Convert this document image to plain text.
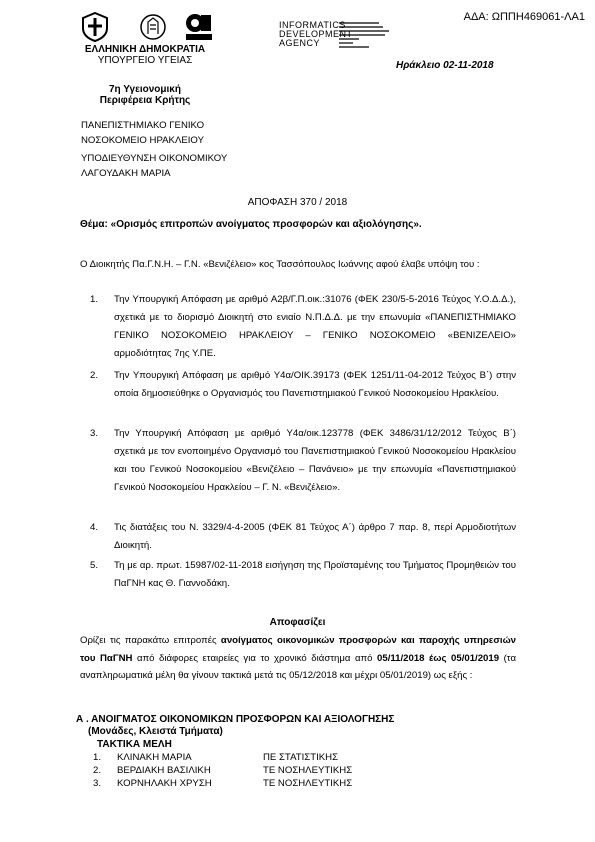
ΑΔΑ: ΩΠΠΗ469061-ΛΑ1
ΕΛΛΗΝΙΚΗ ΔΗΜΟΚΡΑΤΙΑ
ΥΠΟΥΡΓΕΙΟ ΥΓΕΙΑΣ
7η Υγειονομική
Περιφέρεια Κρήτης
ΠΑΝΕΠΙΣΤΗΜΙΑΚΟ ΓΕΝΙΚΟ
ΝΟΣΟΚΟΜΕΙΟ ΗΡΑΚΛΕΙΟΥ
ΥΠΟΔΙΕΥΘΥΝΣΗ ΟΙΚΟΝΟΜΙΚΟΥ
ΛΑΓΟΥΔΑΚΗ ΜΑΡΙΑ
INFORMATICS
DEVELOPMENT
AGENCY
Ηράκλειο 02-11-2018
ΑΠΟΦΑΣΗ 370 / 2018
Θέμα: «Ορισμός επιτροπών ανοίγματος προσφορών και αξιολόγησης».
Ο Διοικητής Πα.Γ.Ν.Η. – Γ.Ν. «Βενιζέλειο» κος Τασσόπουλος Ιωάννης αφού έλαβε υπόψη του :
1. Την Υπουργική Απόφαση με αριθμό Α2β/Γ.Π.οικ.:31076 (ΦΕΚ 230/5-5-2016 Τεύχος Υ.Ο.Δ.Δ.), σχετικά με το διορισμό Διοικητή στο ενιαίο Ν.Π.Δ.Δ. με την επωνυμία «ΠΑΝΕΠΙΣΤΗΜΙΑΚΟ ΓΕΝΙΚΟ ΝΟΣΟΚΟΜΕΙΟ ΗΡΑΚΛΕΙΟΥ – ΓΕΝΙΚΟ ΝΟΣΟΚΟΜΕΙΟ «ΒΕΝΙΖΕΛΕΙΟ» αρμοδιότητας 7ης Υ.ΠΕ.
2. Την Υπουργική Απόφαση με αριθμό Υ4α/ΟΙΚ.39173 (ΦΕΚ 1251/11-04-2012 Τεύχος Β΄) στην οποία δημοσιεύθηκε ο Οργανισμός του Πανεπιστημιακού Γενικού Νοσοκομείου Ηρακλείου.
3. Την Υπουργική Απόφαση με αριθμό Υ4α/οικ.123778 (ΦΕΚ 3486/31/12/2012 Τεύχος Β΄) σχετικά με τον ενοποιημένο Οργανισμό του Πανεπιστημιακού Γενικού Νοσοκομείου Ηρακλείου και του Γενικού Νοσοκομείου «Βενιζέλειο – Πανάνειο» με την επωνυμία «Πανεπιστημιακού Γενικού Νοσοκομείου Ηρακλείου – Γ. Ν. «Βενιζέλειο».
4. Τις διατάξεις του Ν. 3329/4-4-2005 (ΦΕΚ 81 Τεύχος Α΄) άρθρο 7 παρ. 8, περί Αρμοδιοτήτων Διοικητή.
5. Τη με αρ. πρωτ. 15987/02-11-2018 εισήγηση της Προϊσταμένης του Τμήματος Προμηθειών του ΠαΓΝΗ κας Θ. Γιαννοδάκη.
Αποφασίζει
Ορίζει τις παρακάτω επιτροπές ανοίγματος οικονομικών προσφορών και παροχής υπηρεσιών του ΠαΓΝΗ από διάφορες εταιρείες για το χρονικό διάστημα από 05/11/2018 έως 05/01/2019 (τα αναπληρωματικά μέλη θα γίνουν τακτικά μετά τις 05/12/2018 και μέχρι 05/01/2019) ως εξής :
Α . ΑΝΟΙΓΜΑΤΟΣ ΟΙΚΟΝΟΜΙΚΩΝ ΠΡΟΣΦΟΡΩΝ ΚΑΙ ΑΞΙΟΛΟΓΗΣΗΣ
(Μονάδες, Κλειστά Τμήματα)
ΤΑΚΤΙΚΑ ΜΕΛΗ
1. ΚΛΙΝΑΚΗ ΜΑΡΙΑ	ΠΕ ΣΤΑΤΙΣΤΙΚΗΣ
2. ΒΕΡΔΙΑΚΗ ΒΑΣΙΛΙΚΗ	ΤΕ ΝΟΣΗΛΕΥΤΙΚΗΣ
3. ΚΟΡΝΗΛΑΚΗ ΧΡΥΣΗ	ΤΕ ΝΟΣΗΛΕΥΤΙΚΗΣ
